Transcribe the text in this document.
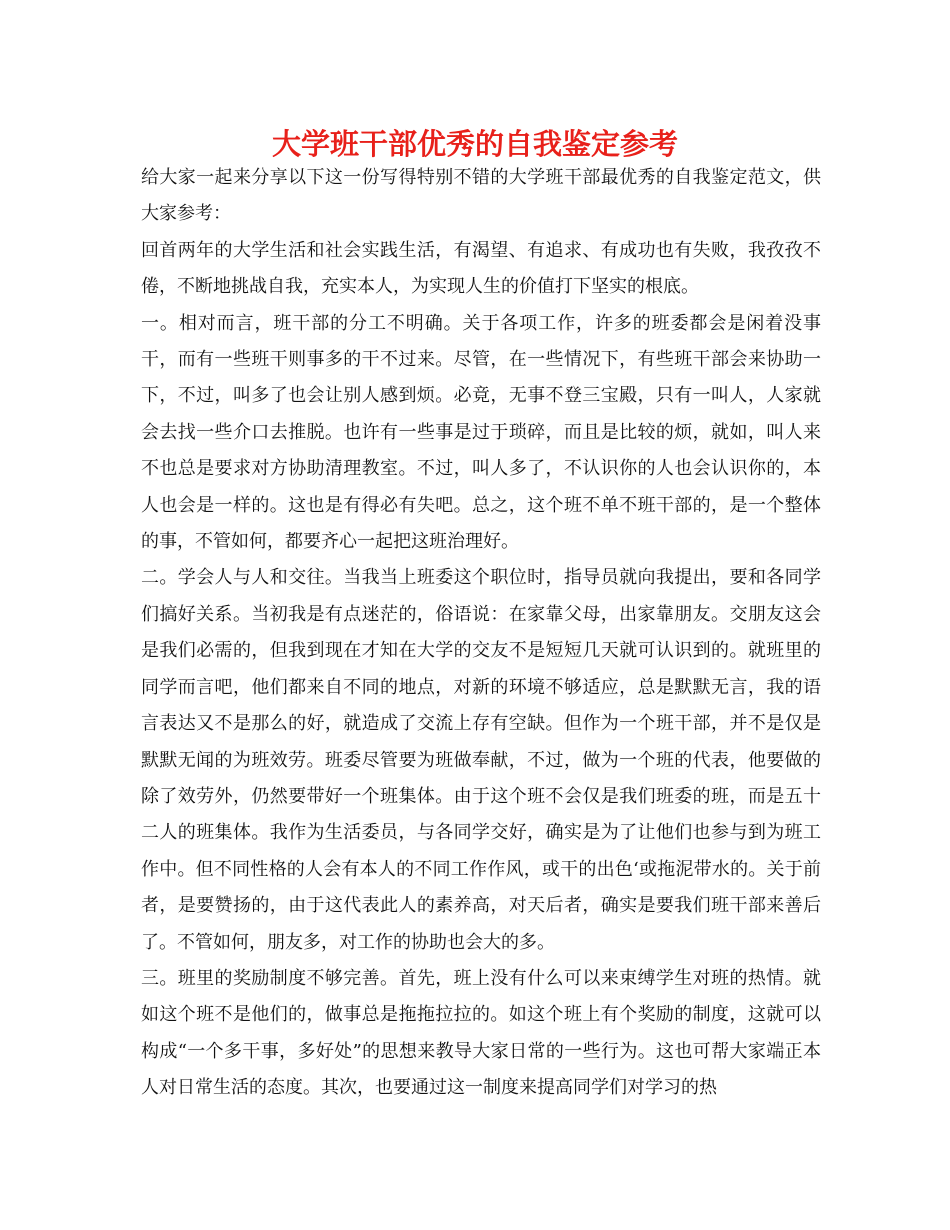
大学班干部优秀的自我鉴定参考

给大家一起来分享以下这一份写得特别不错的大学班干部最优秀的自我鉴定范文，供大家参考：

回首两年的大学生活和社会实践生活，有渴望、有追求、有成功也有失败，我孜孜不倦，不断地挑战自我，充实本人，为实现人生的价值打下坚实的根底。

一。相对而言，班干部的分工不明确。关于各项工作，许多的班委都会是闲着没事干，而有一些班干则事多的干不过来。尽管，在一些情况下，有些班干部会来协助一下，不过，叫多了也会让别人感到烦。必竟，无事不登三宝殿，只有一叫人，人家就会去找一些介口去推脱。也许有一些事是过于琐碎，而且是比较的烦，就如，叫人来不也总是要求对方协助清理教室。不过，叫人多了，不认识你的人也会认识你的，本人也会是一样的。这也是有得必有失吧。总之，这个班不单不班干部的，是一个整体的事，不管如何，都要齐心一起把这班治理好。

二。学会人与人和交往。当我当上班委这个职位时，指导员就向我提出，要和各同学们搞好关系。当初我是有点迷茫的，俗语说：在家靠父母，出家靠朋友。交朋友这会是我们必需的，但我到现在才知在大学的交友不是短短几天就可认识到的。就班里的同学而言吧，他们都来自不同的地点，对新的环境不够适应，总是默默无言，我的语言表达又不是那么的好，就造成了交流上存有空缺。但作为一个班干部，并不是仅是默默无闻的为班效劳。班委尽管要为班做奉献，不过，做为一个班的代表，他要做的除了效劳外，仍然要带好一个班集体。由于这个班不会仅是我们班委的班，而是五十二人的班集体。我作为生活委员，与各同学交好，确实是为了让他们也参与到为班工作中。但不同性格的人会有本人的不同工作作风，或干的出色‘或拖泥带水的。关于前者，是要赞扬的，由于这代表此人的素养高，对天后者，确实是要我们班干部来善后了。不管如何，朋友多，对工作的协助也会大的多。

三。班里的奖励制度不够完善。首先，班上没有什么可以来束缚学生对班的热情。就如这个班不是他们的，做事总是拖拖拉拉的。如这个班上有个奖励的制度，这就可以构成“一个多干事，多好处”的思想来教导大家日常的一些行为。这也可帮大家端正本人对日常生活的态度。其次，也要通过这一制度来提高同学们对学习的热
